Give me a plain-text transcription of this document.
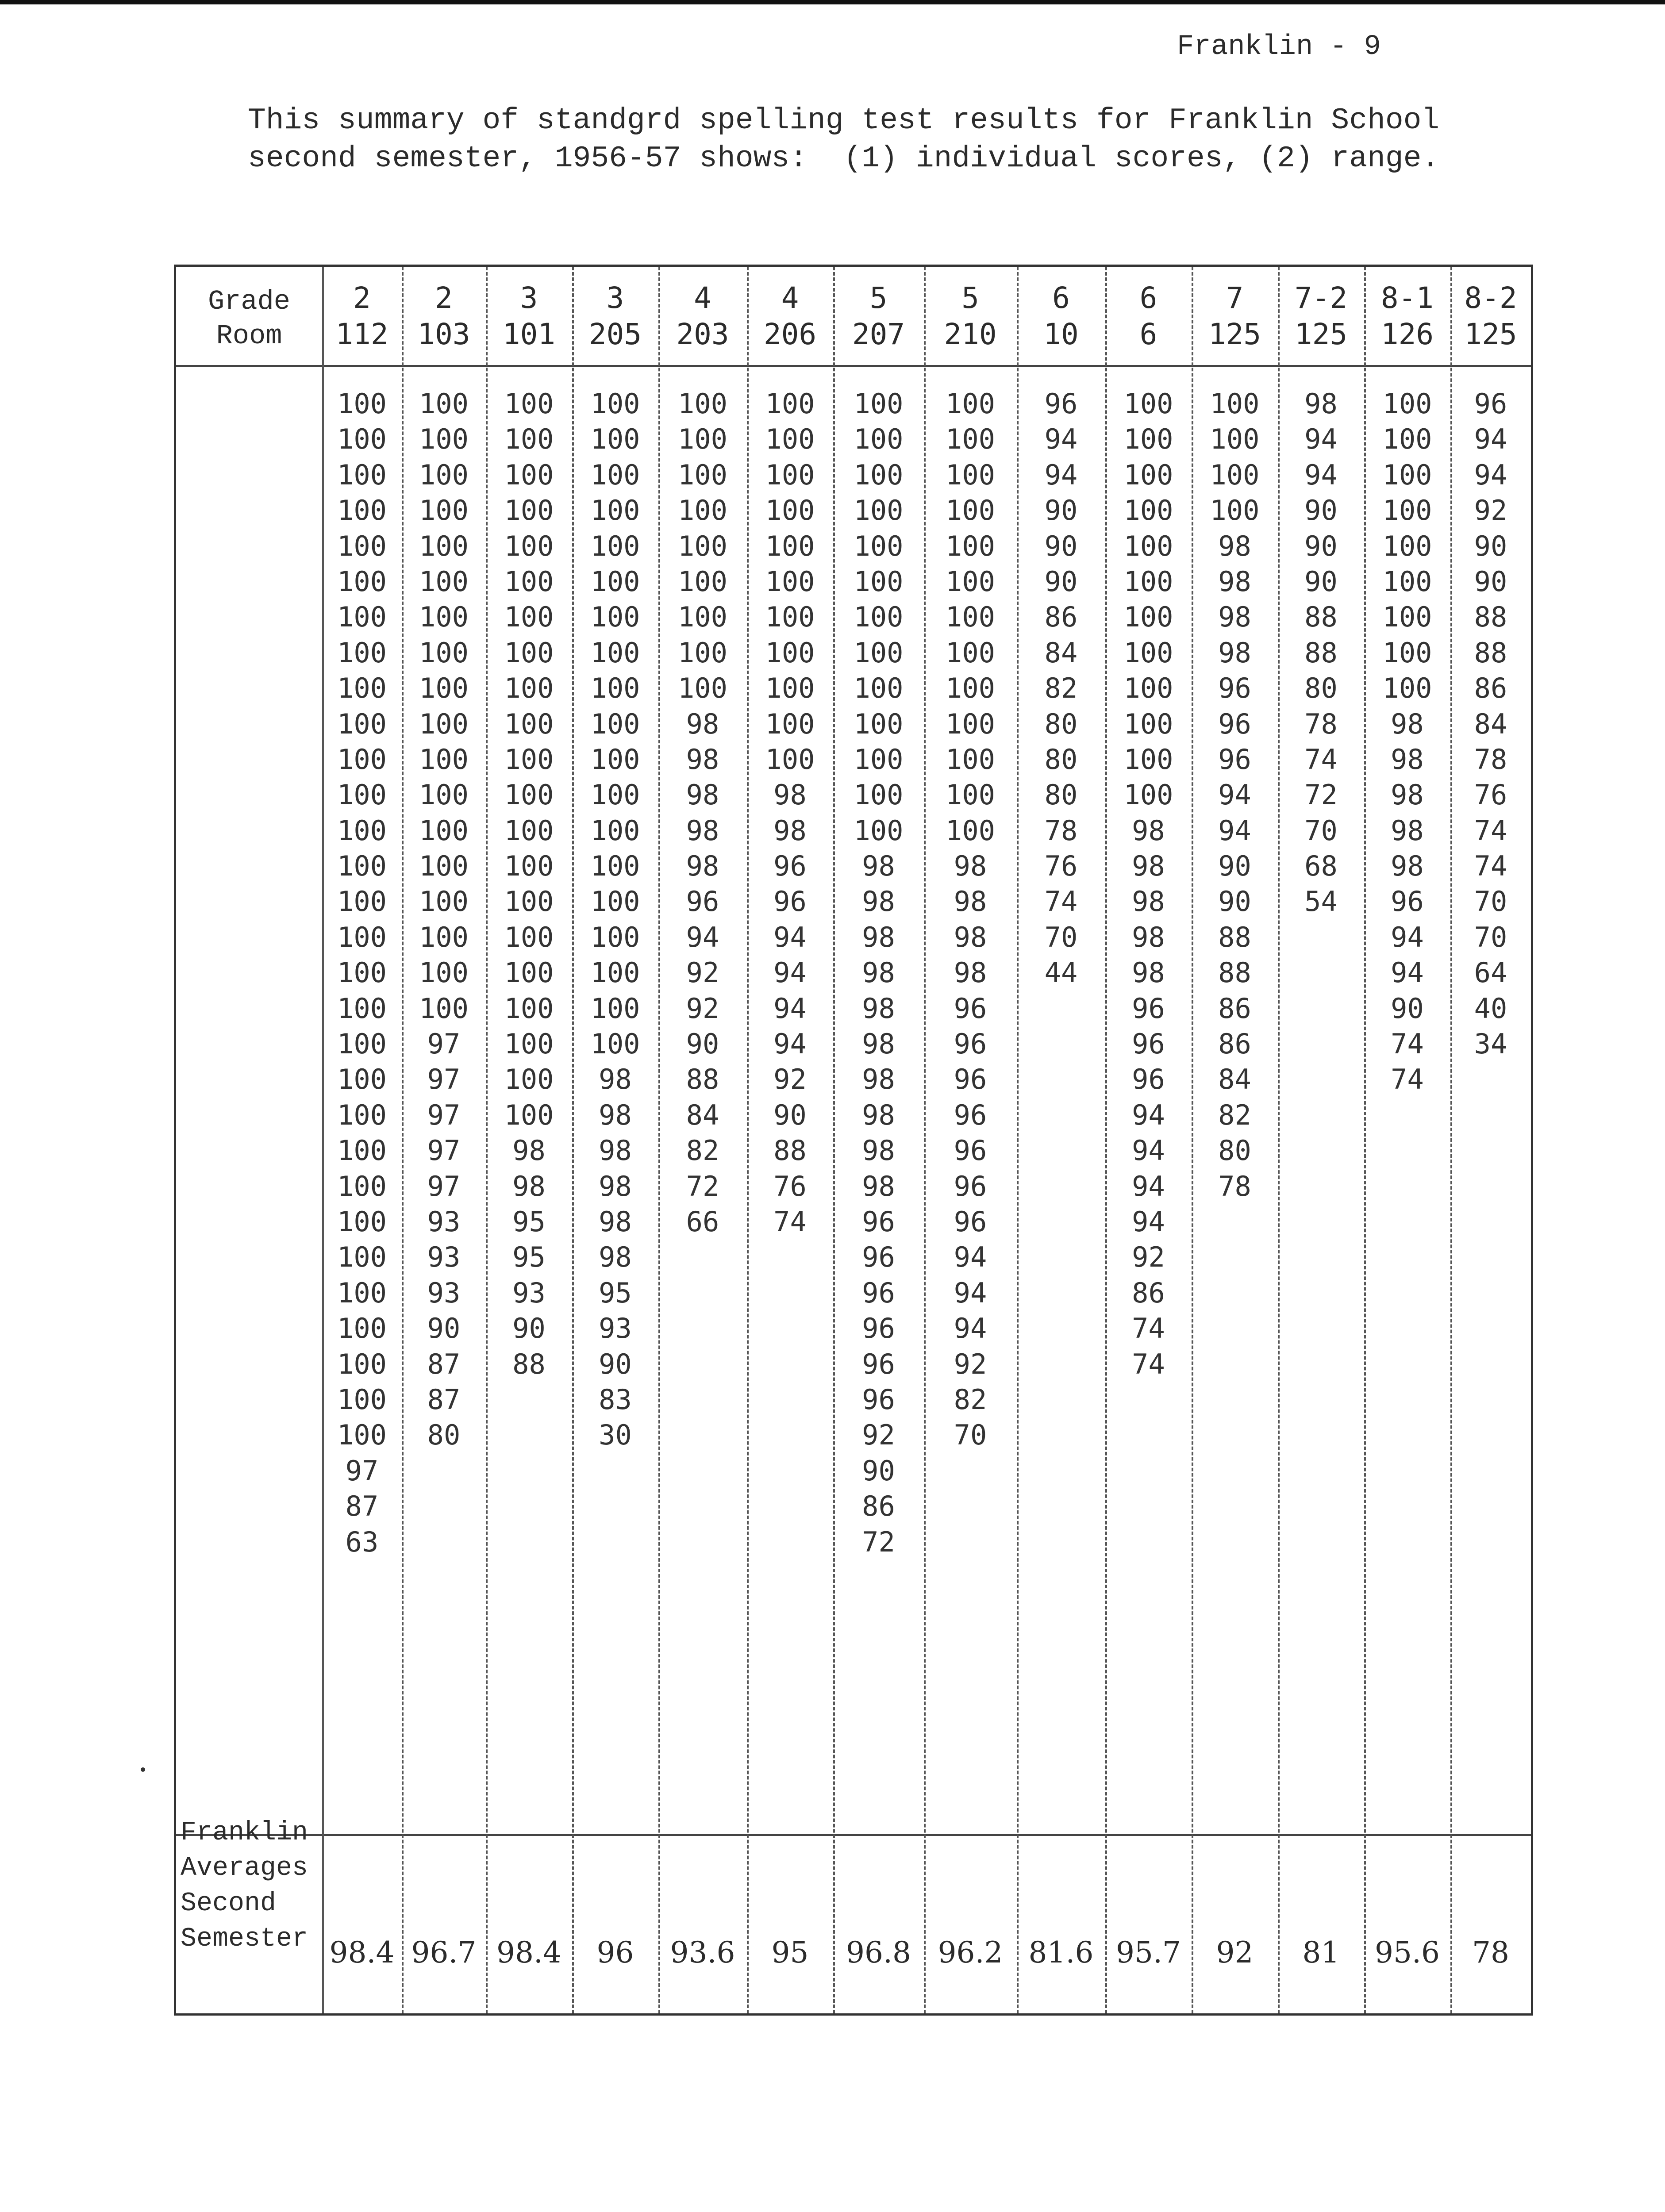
Franklin - 9
This summary of standgrd spelling test results for Franklin School
second semester, 1956-57 shows:  (1) individual scores, (2) range.
Grade
Room
Franklin
Averages
Second
Semester
2
112
100
100
100
100
100
100
100
100
100
100
100
100
100
100
100
100
100
100
100
100
100
100
100
100
100
100
100
100
100
100
97
87
63
98.4
2
103
100
100
100
100
100
100
100
100
100
100
100
100
100
100
100
100
100
100
97
97
97
97
97
93
93
93
90
87
87
80
96.7
3
101
100
100
100
100
100
100
100
100
100
100
100
100
100
100
100
100
100
100
100
100
100
98
98
95
95
93
90
88
98.4
3
205
100
100
100
100
100
100
100
100
100
100
100
100
100
100
100
100
100
100
100
98
98
98
98
98
98
95
93
90
83
30
96
4
203
100
100
100
100
100
100
100
100
100
98
98
98
98
98
96
94
92
92
90
88
84
82
72
66
93.6
4
206
100
100
100
100
100
100
100
100
100
100
100
98
98
96
96
94
94
94
94
92
90
88
76
74
95
5
207
100
100
100
100
100
100
100
100
100
100
100
100
100
98
98
98
98
98
98
98
98
98
98
96
96
96
96
96
96
92
90
86
72
96.8
5
210
100
100
100
100
100
100
100
100
100
100
100
100
100
98
98
98
98
96
96
96
96
96
96
96
94
94
94
92
82
70
96.2
6
10
96
94
94
90
90
90
86
84
82
80
80
80
78
76
74
70
44
81.6
6
6
100
100
100
100
100
100
100
100
100
100
100
100
98
98
98
98
98
96
96
96
94
94
94
94
92
86
74
74
95.7
7
125
100
100
100
100
98
98
98
98
96
96
96
94
94
90
90
88
88
86
86
84
82
80
78
92
7-2
125
98
94
94
90
90
90
88
88
80
78
74
72
70
68
54
81
8-1
126
100
100
100
100
100
100
100
100
100
98
98
98
98
98
96
94
94
90
74
74
95.6
8-2
125
96
94
94
92
90
90
88
88
86
84
78
76
74
74
70
70
64
40
34
78
